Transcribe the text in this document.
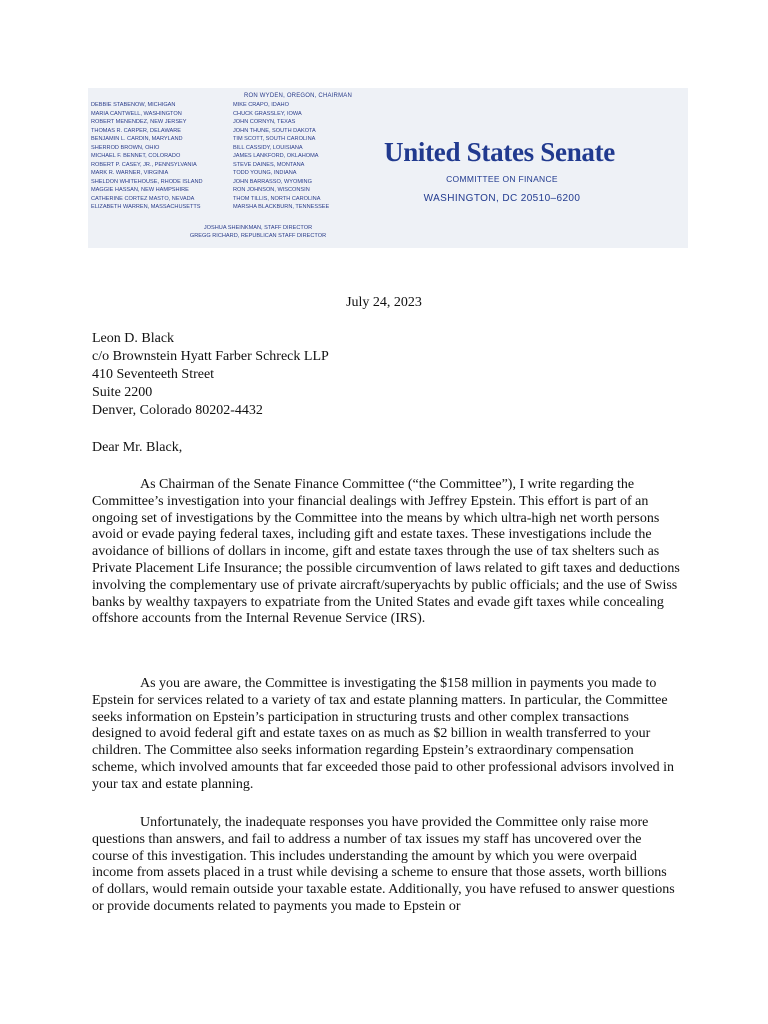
RON WYDEN, OREGON, CHAIRMAN
DEBBIE STABENOW, MICHIGAN
MARIA CANTWELL, WASHINGTON
ROBERT MENENDEZ, NEW JERSEY
THOMAS R. CARPER, DELAWARE
BENJAMIN L. CARDIN, MARYLAND
SHERROD BROWN, OHIO
MICHAEL F. BENNET, COLORADO
ROBERT P. CASEY, JR., PENNSYLVANIA
MARK R. WARNER, VIRGINIA
SHELDON WHITEHOUSE, RHODE ISLAND
MAGGIE HASSAN, NEW HAMPSHIRE
CATHERINE CORTEZ MASTO, NEVADA
ELIZABETH WARREN, MASSACHUSETTS
MIKE CRAPO, IDAHO
CHUCK GRASSLEY, IOWA
JOHN CORNYN, TEXAS
JOHN THUNE, SOUTH DAKOTA
TIM SCOTT, SOUTH CAROLINA
BILL CASSIDY, LOUISIANA
JAMES LANKFORD, OKLAHOMA
STEVE DAINES, MONTANA
TODD YOUNG, INDIANA
JOHN BARRASSO, WYOMING
RON JOHNSON, WISCONSIN
THOM TILLIS, NORTH CAROLINA
MARSHA BLACKBURN, TENNESSEE
JOSHUA SHEINKMAN, STAFF DIRECTOR
GREGG RICHARD, REPUBLICAN STAFF DIRECTOR
United States Senate
COMMITTEE ON FINANCE
WASHINGTON, DC 20510–6200
July 24, 2023
Leon D. Black
c/o Brownstein Hyatt Farber Schreck LLP
410 Seventeeth Street
Suite 2200
Denver, Colorado 80202-4432
Dear Mr. Black,
As Chairman of the Senate Finance Committee (“the Committee”), I write regarding the Committee’s investigation into your financial dealings with Jeffrey Epstein. This effort is part of an ongoing set of investigations by the Committee into the means by which ultra-high net worth persons avoid or evade paying federal taxes, including gift and estate taxes. These investigations include the avoidance of billions of dollars in income, gift and estate taxes through the use of tax shelters such as Private Placement Life Insurance; the possible circumvention of laws related to gift taxes and deductions involving the complementary use of private aircraft/superyachts by public officials; and the use of Swiss banks by wealthy taxpayers to expatriate from the United States and evade gift taxes while concealing offshore accounts from the Internal Revenue Service (IRS).
As you are aware, the Committee is investigating the $158 million in payments you made to Epstein for services related to a variety of tax and estate planning matters. In particular, the Committee seeks information on Epstein’s participation in structuring trusts and other complex transactions designed to avoid federal gift and estate taxes on as much as $2 billion in wealth transferred to your children. The Committee also seeks information regarding Epstein’s extraordinary compensation scheme, which involved amounts that far exceeded those paid to other professional advisors involved in your tax and estate planning.
Unfortunately, the inadequate responses you have provided the Committee only raise more questions than answers, and fail to address a number of tax issues my staff has uncovered over the course of this investigation. This includes understanding the amount by which you were overpaid income from assets placed in a trust while devising a scheme to ensure that those assets, worth billions of dollars, would remain outside your taxable estate. Additionally, you have refused to answer questions or provide documents related to payments you made to Epstein or
